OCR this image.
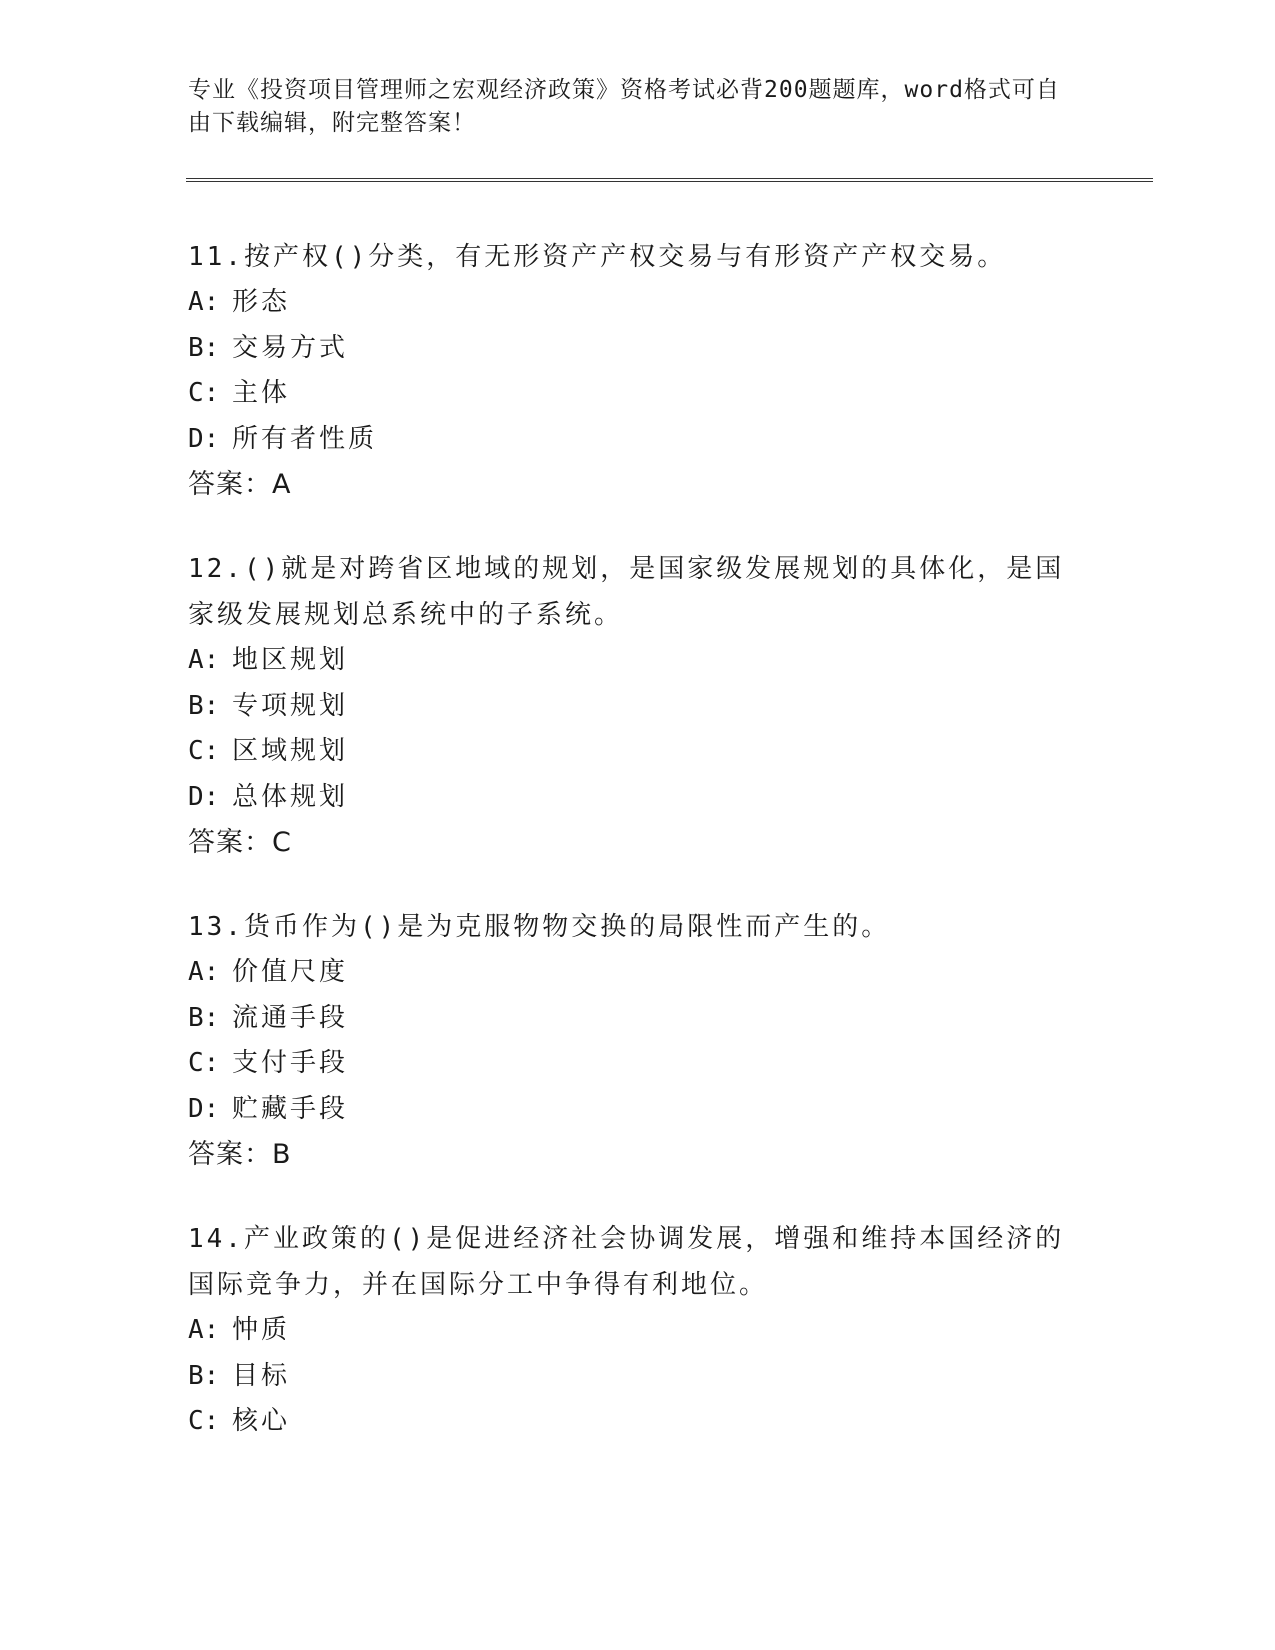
专业《投资项目管理师之宏观经济政策》资格考试必背200题题库，word格式可自由下载编辑，附完整答案！

11.按产权()分类，有无形资产产权交易与有形资产产权交易。

A: 形态

B: 交易方式

C: 主体

D: 所有者性质

答案：A

12.()就是对跨省区地域的规划，是国家级发展规划的具体化，是国家级发展规划总系统中的子系统。

A: 地区规划

B: 专项规划

C: 区域规划

D: 总体规划

答案：C

13.货币作为()是为克服物物交换的局限性而产生的。

A: 价值尺度

B: 流通手段

C: 支付手段

D: 贮藏手段

答案：B

14.产业政策的()是促进经济社会协调发展，增强和维持本国经济的国际竞争力，并在国际分工中争得有利地位。

A: 忡质

B: 目标

C: 核心
